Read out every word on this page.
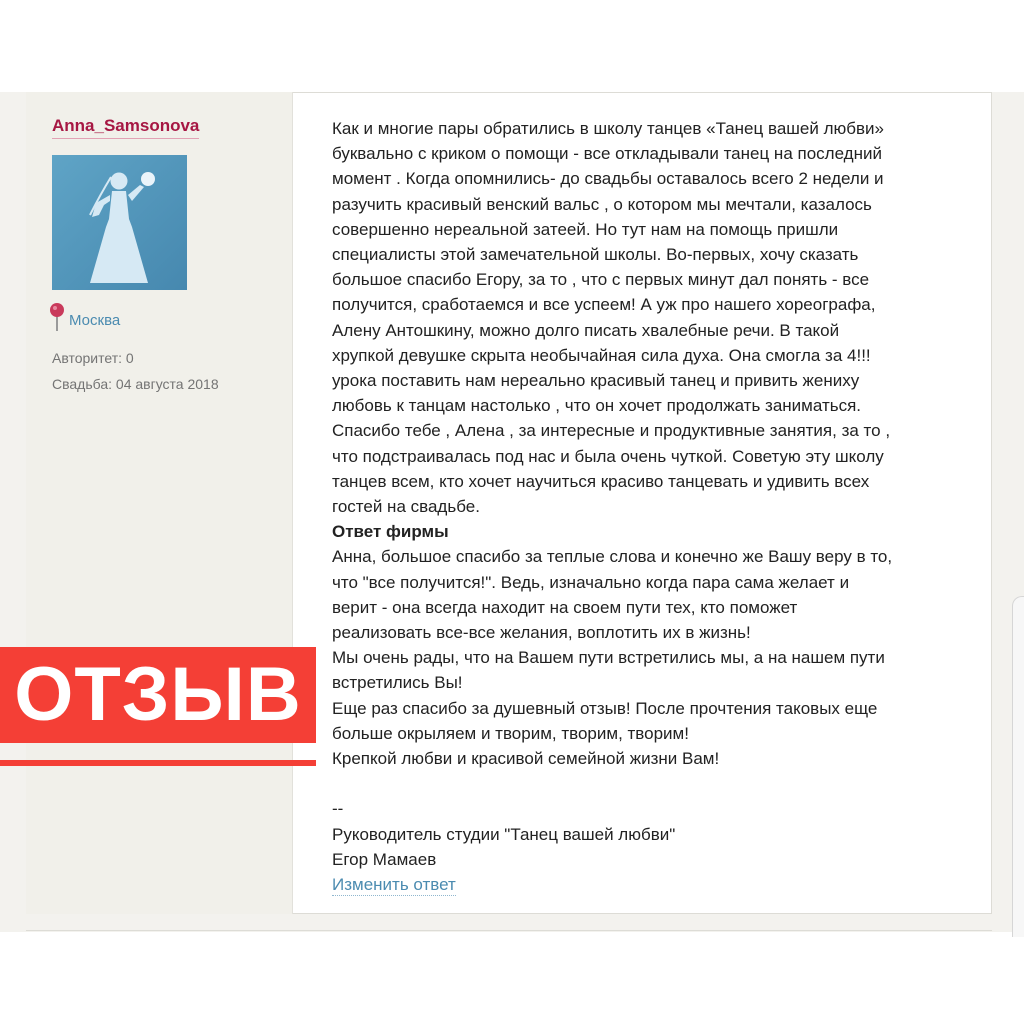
Anna_Samsonova
Москва
Авторитет: 0
Свадьба: 04 августа 2018
ОТЗЫВ

Как и многие пары обратились в школу танцев «Танец вашей любви»

буквально с криком о помощи - все откладывали танец на последний

момент . Когда опомнились- до свадьбы оставалось всего 2 недели и

разучить красивый венский вальс , о котором мы мечтали, казалось

совершенно нереальной затеей. Но тут нам на помощь пришли

специалисты этой замечательной школы. Во-первых, хочу сказать

большое спасибо Егору, за то , что с первых минут дал понять - все

получится, сработаемся и все успеем! А уж про нашего хореографа,

Алену Антошкину, можно долго писать хвалебные речи. В такой

хрупкой девушке скрыта необычайная сила духа. Она смогла за 4!!!

урока поставить нам нереально красивый танец и привить жениху

любовь к танцам настолько , что он хочет продолжать заниматься.

Спасибо тебе , Алена , за интересные и продуктивные занятия, за то ,

что подстраивалась под нас и была очень чуткой. Советую эту школу

танцев всем, кто хочет научиться красиво танцевать и удивить всех

гостей на свадьбе.

Ответ фирмы

Анна, большое спасибо за теплые слова и конечно же Вашу веру в то,

что "все получится!". Ведь, изначально когда пара сама желает и

верит - она всегда находит на своем пути тех, кто поможет

реализовать все-все желания, воплотить их в жизнь!

Мы очень рады, что на Вашем пути встретились мы, а на нашем пути

встретились Вы!

Еще раз спасибо за душевный отзыв! После прочтения таковых еще

больше окрыляем и творим, творим, творим!

Крепкой любви и красивой семейной жизни Вам!

--

Руководитель студии "Танец вашей любви"

Егор Мамаев

Изменить ответ
